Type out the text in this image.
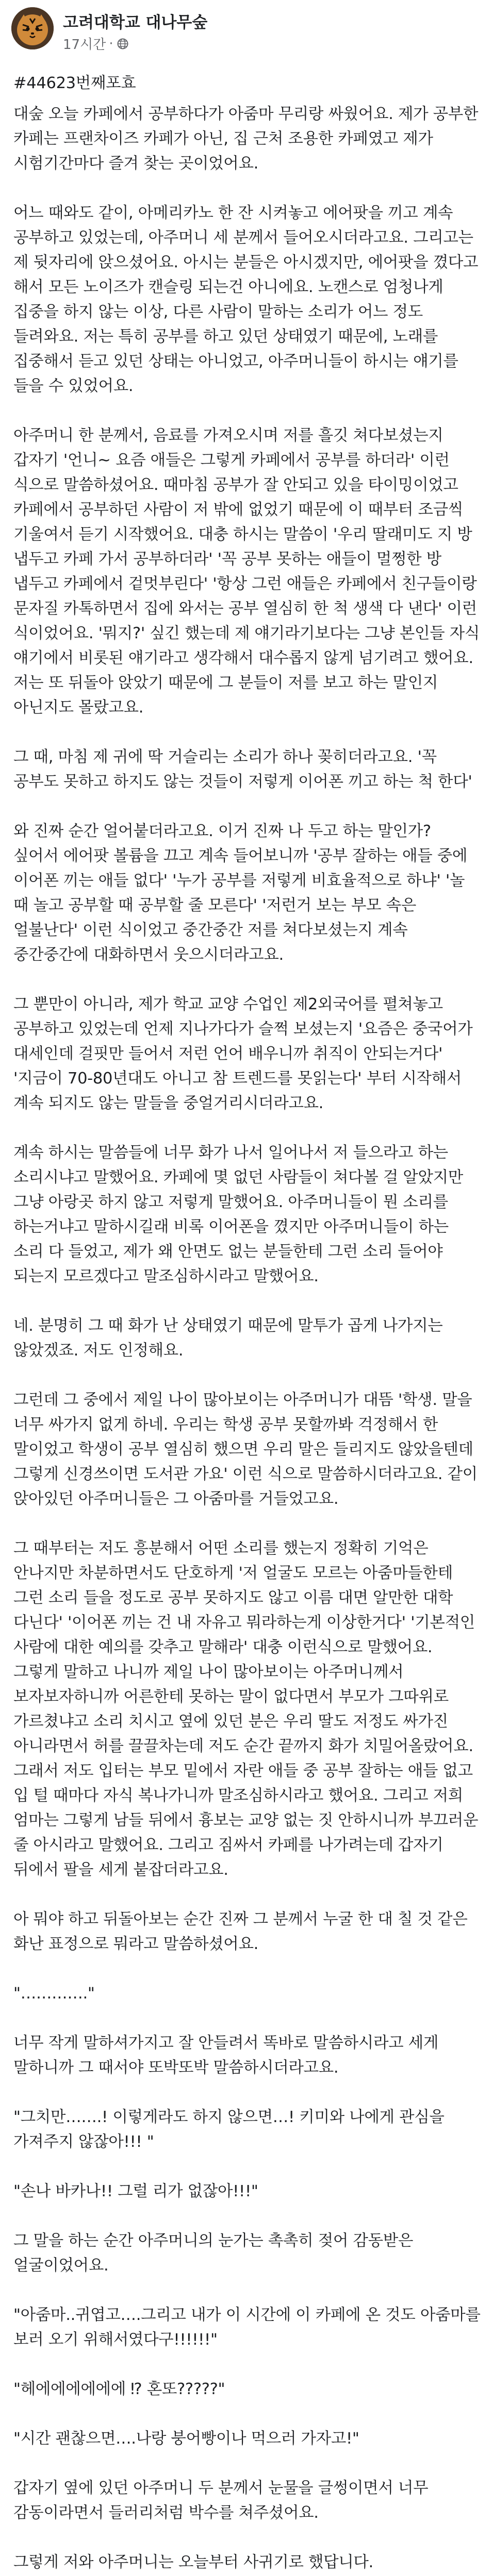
고려대학교 대나무숲
17시간 ·

#44623번째포효

대숲 오늘 카페에서 공부하다가 아줌마 무리랑 싸웠어요. 제가 공부한 카페는 프랜차이즈 카페가 아닌, 집 근처 조용한 카페였고 제가 시험기간마다 즐겨 찾는 곳이었어요.

어느 때와도 같이, 아메리카노 한 잔 시켜놓고 에어팟을 끼고 계속 공부하고 있었는데, 아주머니 세 분께서 들어오시더라고요. 그리고는 제 뒷자리에 앉으셨어요. 아시는 분들은 아시겠지만, 에어팟을 꼈다고 해서 모든 노이즈가 캔슬링 되는건 아니에요. 노캔스로 엄청나게 집중을 하지 않는 이상, 다른 사람이 말하는 소리가 어느 정도 들려와요. 저는 특히 공부를 하고 있던 상태였기 때문에, 노래를 집중해서 듣고 있던 상태는 아니었고, 아주머니들이 하시는 얘기를 들을 수 있었어요.

아주머니 한 분께서, 음료를 가져오시며 저를 흘깃 쳐다보셨는지 갑자기 '언니~ 요즘 애들은 그렇게 카페에서 공부를 하더라' 이런 식으로 말씀하셨어요. 때마침 공부가 잘 안되고 있을 타이밍이었고 카페에서 공부하던 사람이 저 밖에 없었기 때문에 이 때부터 조금씩 기울여서 듣기 시작했어요. 대충 하시는 말씀이 '우리 딸래미도 지 방 냅두고 카페 가서 공부하더라' '꼭 공부 못하는 애들이 멀쩡한 방 냅두고 카페에서 겉멋부린다' '항상 그런 애들은 카페에서 친구들이랑 문자질 카톡하면서 집에 와서는 공부 열심히 한 척 생색 다 낸다' 이런 식이었어요. '뭐지?' 싶긴 했는데 제 얘기라기보다는 그냥 본인들 자식 얘기에서 비롯된 얘기라고 생각해서 대수롭지 않게 넘기려고 했어요. 저는 또 뒤돌아 앉았기 때문에 그 분들이 저를 보고 하는 말인지 아닌지도 몰랐고요.

그 때, 마침 제 귀에 딱 거슬리는 소리가 하나 꽂히더라고요. '꼭 공부도 못하고 하지도 않는 것들이 저렇게 이어폰 끼고 하는 척 한다'

와 진짜 순간 얼어붙더라고요. 이거 진짜 나 두고 하는 말인가? 싶어서 에어팟 볼륨을 끄고 계속 들어보니까 '공부 잘하는 애들 중에 이어폰 끼는 애들 없다' '누가 공부를 저렇게 비효율적으로 하냐' '놀 때 놀고 공부할 때 공부할 줄 모른다' '저런거 보는 부모 속은 얼불난다' 이런 식이었고 중간중간 저를 쳐다보셨는지 계속 중간중간에 대화하면서 웃으시더라고요.

그 뿐만이 아니라, 제가 학교 교양 수업인 제2외국어를 펼쳐놓고 공부하고 있었는데 언제 지나가다가 슬쩍 보셨는지 '요즘은 중국어가 대세인데 걸핏만 들어서 저런 언어 배우니까 취직이 안되는거다' '지금이 70-80년대도 아니고 참 트렌드를 못읽는다' 부터 시작해서 계속 되지도 않는 말들을 중얼거리시더라고요.

계속 하시는 말씀들에 너무 화가 나서 일어나서 저 들으라고 하는 소리시냐고 말했어요. 카페에 몇 없던 사람들이 쳐다볼 걸 알았지만 그냥 아랑곳 하지 않고 저렇게 말했어요. 아주머니들이 뭔 소리를 하는거냐고 말하시길래 비록 이어폰을 꼈지만 아주머니들이 하는 소리 다 들었고, 제가 왜 안면도 없는 분들한테 그런 소리 들어야 되는지 모르겠다고 말조심하시라고 말했어요.

네. 분명히 그 때 화가 난 상태였기 때문에 말투가 곱게 나가지는 않았겠죠. 저도 인정해요.

그런데 그 중에서 제일 나이 많아보이는 아주머니가 대뜸 '학생. 말을 너무 싸가지 없게 하네. 우리는 학생 공부 못할까봐 걱정해서 한 말이었고 학생이 공부 열심히 했으면 우리 말은 들리지도 않았을텐데 그렇게 신경쓰이면 도서관 가요' 이런 식으로 말씀하시더라고요. 같이 앉아있던 아주머니들은 그 아줌마를 거들었고요.

그 때부터는 저도 흥분해서 어떤 소리를 했는지 정확히 기억은 안나지만 차분하면서도 단호하게 '저 얼굴도 모르는 아줌마들한테 그런 소리 들을 정도로 공부 못하지도 않고 이름 대면 알만한 대학 다닌다' '이어폰 끼는 건 내 자유고 뭐라하는게 이상한거다' '기본적인 사람에 대한 예의를 갖추고 말해라' 대충 이런식으로 말했어요. 그렇게 말하고 나니까 제일 나이 많아보이는 아주머니께서 보자보자하니까 어른한테 못하는 말이 없다면서 부모가 그따위로 가르쳤냐고 소리 치시고 옆에 있던 분은 우리 딸도 저정도 싸가진 아니라면서 허를 끌끌차는데 저도 순간 끝까지 화가 치밀어올랐어요. 그래서 저도 입터는 부모 밑에서 자란 애들 중 공부 잘하는 애들 없고 입 털 때마다 자식 복나가니까 말조심하시라고 했어요. 그리고 저희 엄마는 그렇게 남들 뒤에서 흉보는 교양 없는 짓 안하시니까 부끄러운 줄 아시라고 말했어요. 그리고 짐싸서 카페를 나가려는데 갑자기 뒤에서 팔을 세게 붙잡더라고요.

아 뭐야 하고 뒤돌아보는 순간 진짜 그 분께서 누굴 한 대 칠 것 같은 화난 표정으로 뭐라고 말씀하셨어요.

"…………."

너무 작게 말하셔가지고 잘 안들려서 똑바로 말씀하시라고 세게 말하니까 그 때서야 또박또박 말씀하시더라고요.

"그치만…….! 이렇게라도 하지 않으면…! 키미와 나에게 관심을 가져주지 않잖아!!! "

"손나 바카나!! 그럴 리가 없잖아!!!"

그 말을 하는 순간 아주머니의 눈가는 촉촉히 젖어 감동받은 얼굴이었어요.

"아줌마..귀엽고….그리고 내가 이 시간에 이 카페에 온 것도 아줌마를 보러 오기 위해서였다구!!!!!!"

"헤에에에에에에 ⁉︎ 혼또?????"

"시간 괜찮으면….나랑 붕어빵이나 먹으러 가자고!"

갑자기 옆에 있던 아주머니 두 분께서 눈물을 글썽이면서 너무 감동이라면서 들러리처럼 박수를 쳐주셨어요.

그렇게 저와 아주머니는 오늘부터 사귀기로 했답니다.
